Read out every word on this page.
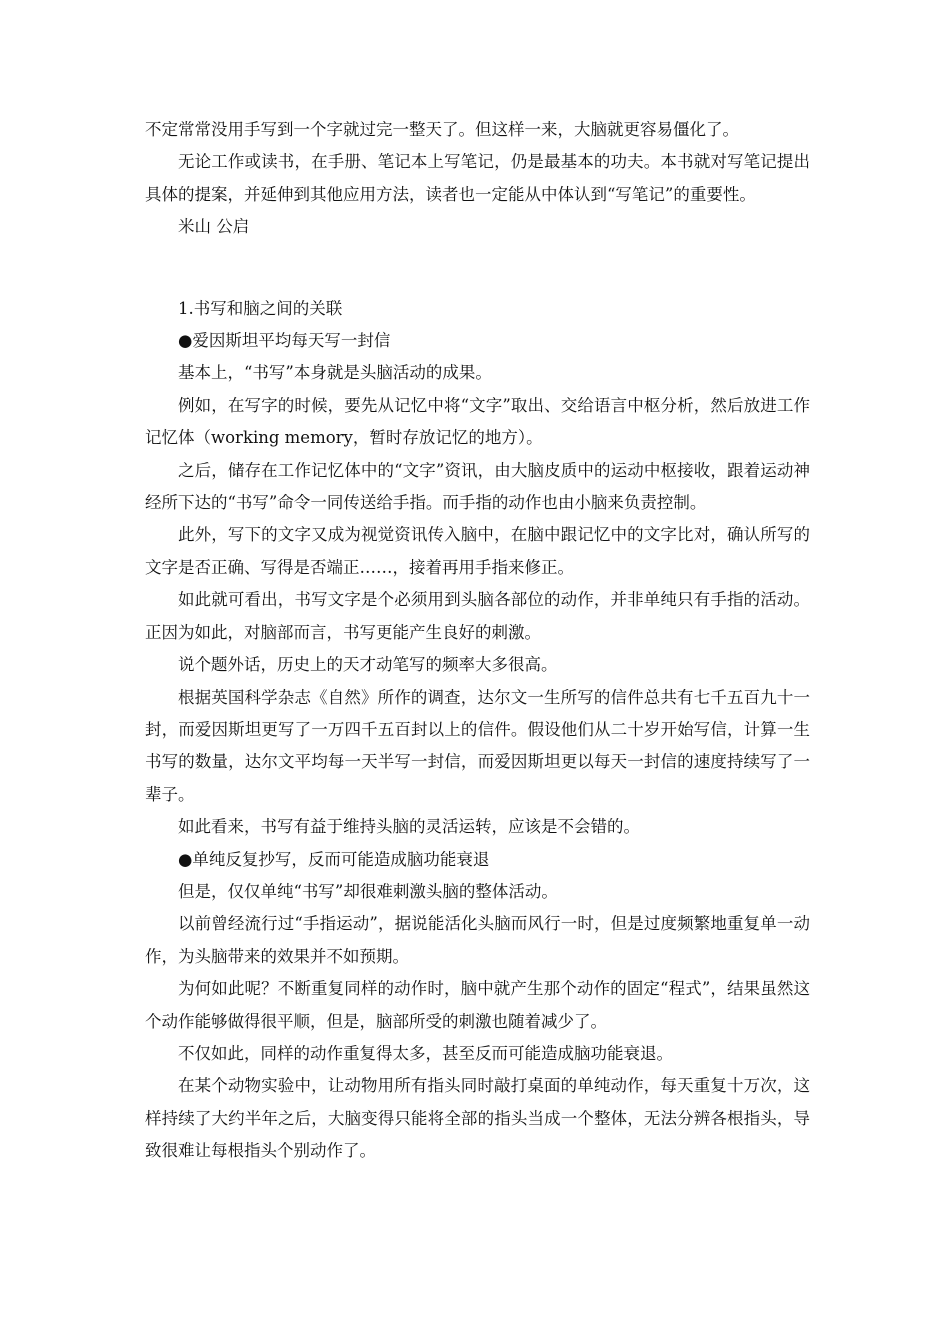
不定常常没用手写到一个字就过完一整天了。但这样一来，大脑就更容易僵化了。

无论工作或读书，在手册、笔记本上写笔记，仍是最基本的功夫。本书就对写笔记提出具体的提案，并延伸到其他应用方法，读者也一定能从中体认到“写笔记”的重要性。

米山 公启

1.书写和脑之间的关联

●爱因斯坦平均每天写一封信

基本上，“书写”本身就是头脑活动的成果。

例如，在写字的时候，要先从记忆中将“文字”取出、交给语言中枢分析，然后放进工作记忆体（working memory，暂时存放记忆的地方）。

之后，储存在工作记忆体中的“文字”资讯，由大脑皮质中的运动中枢接收，跟着运动神经所下达的“书写”命令一同传送给手指。而手指的动作也由小脑来负责控制。

此外，写下的文字又成为视觉资讯传入脑中，在脑中跟记忆中的文字比对，确认所写的文字是否正确、写得是否端正……，接着再用手指来修正。

如此就可看出，书写文字是个必须用到头脑各部位的动作，并非单纯只有手指的活动。正因为如此，对脑部而言，书写更能产生良好的刺激。

说个题外话，历史上的天才动笔写的频率大多很高。

根据英国科学杂志《自然》所作的调查，达尔文一生所写的信件总共有七千五百九十一封，而爱因斯坦更写了一万四千五百封以上的信件。假设他们从二十岁开始写信，计算一生书写的数量，达尔文平均每一天半写一封信，而爱因斯坦更以每天一封信的速度持续写了一辈子。

如此看来，书写有益于维持头脑的灵活运转，应该是不会错的。

●单纯反复抄写，反而可能造成脑功能衰退

但是，仅仅单纯“书写”却很难刺激头脑的整体活动。

以前曾经流行过“手指运动”，据说能活化头脑而风行一时，但是过度频繁地重复单一动作，为头脑带来的效果并不如预期。

为何如此呢？不断重复同样的动作时，脑中就产生那个动作的固定“程式”，结果虽然这个动作能够做得很平顺，但是，脑部所受的刺激也随着减少了。

不仅如此，同样的动作重复得太多，甚至反而可能造成脑功能衰退。

在某个动物实验中，让动物用所有指头同时敲打桌面的单纯动作，每天重复十万次，这样持续了大约半年之后，大脑变得只能将全部的指头当成一个整体，无法分辨各根指头，导致很难让每根指头个别动作了。
